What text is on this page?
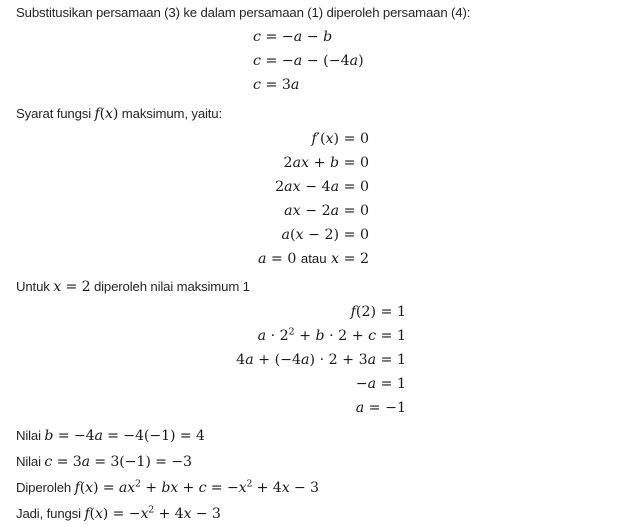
Substitusikan persamaan (3) ke dalam persamaan (1) diperoleh persamaan (4):
c = −a − b
c = −a − (−4a)
c = 3a
Syarat fungsi f(x) maksimum, yaitu:
f′(x) = 0
2ax + b = 0
2ax − 4a = 0
ax − 2a = 0
a(x − 2) = 0
a = 0 atau x = 2
Untuk x = 2 diperoleh nilai maksimum 1
f(2) = 1
$a \cdot 2^2 + b \cdot 2 + c = 1$
4a + (−4a) · 2 + 3a = 1
−a = 1
a = −1
Nilai b = −4a = −4(−1) = 4
Nilai c = 3a = 3(−1) = −3
Diperoleh $f(x) = ax^2$ + bx + $c = -x^2 + 4x - 3$
Jadi, fungsi $f(x) = -x^2 + 4x - 3$
